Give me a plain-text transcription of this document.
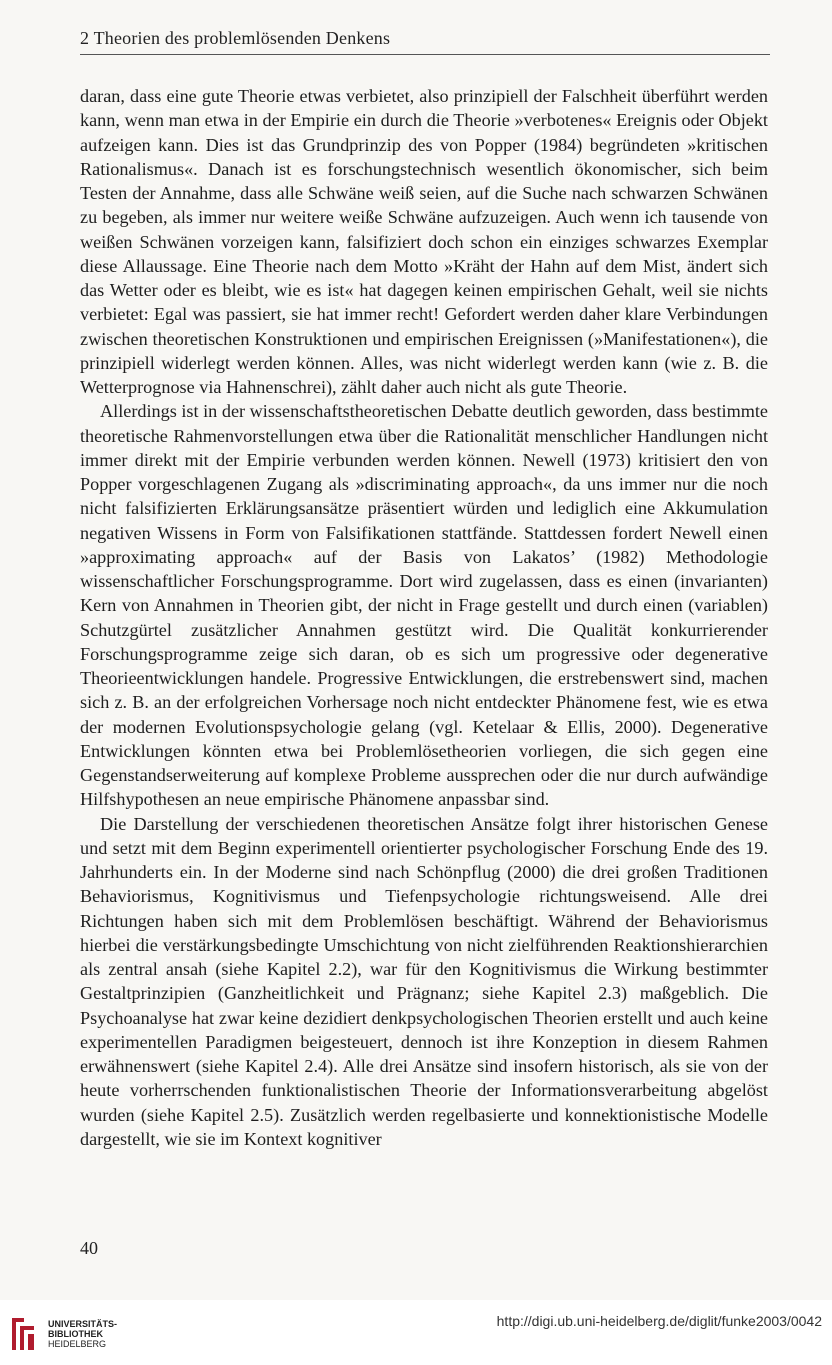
2 Theorien des problemlösenden Denkens

daran, dass eine gute Theorie etwas verbietet, also prinzipiell der Falschheit überführt werden kann, wenn man etwa in der Empirie ein durch die Theorie »verbotenes« Ereignis oder Objekt aufzeigen kann. Dies ist das Grundprinzip des von Popper (1984) begründeten »kritischen Rationalismus«. Danach ist es forschungstechnisch wesentlich ökonomischer, sich beim Testen der Annahme, dass alle Schwäne weiß seien, auf die Suche nach schwarzen Schwänen zu begeben, als immer nur weitere weiße Schwäne aufzuzeigen. Auch wenn ich tausende von weißen Schwänen vorzeigen kann, falsifiziert doch schon ein einziges schwarzes Exemplar diese Allaussage. Eine Theorie nach dem Motto »Kräht der Hahn auf dem Mist, ändert sich das Wetter oder es bleibt, wie es ist« hat dagegen keinen empirischen Gehalt, weil sie nichts verbietet: Egal was passiert, sie hat immer recht! Gefordert werden daher klare Verbindungen zwischen theoretischen Konstruktionen und empirischen Ereignissen (»Manifestationen«), die prinzipiell widerlegt werden können. Alles, was nicht widerlegt werden kann (wie z. B. die Wetterprognose via Hahnenschrei), zählt daher auch nicht als gute Theorie.

Allerdings ist in der wissenschaftstheoretischen Debatte deutlich geworden, dass bestimmte theoretische Rahmenvorstellungen etwa über die Rationalität menschlicher Handlungen nicht immer direkt mit der Empirie verbunden werden können. Newell (1973) kritisiert den von Popper vorgeschlagenen Zugang als »discriminating approach«, da uns immer nur die noch nicht falsifizierten Erklärungsansätze präsentiert würden und lediglich eine Akkumulation negativen Wissens in Form von Falsifikationen stattfände. Stattdessen fordert Newell einen »approximating approach« auf der Basis von Lakatos’ (1982) Methodologie wissenschaftlicher Forschungsprogramme. Dort wird zugelassen, dass es einen (invarianten) Kern von Annahmen in Theorien gibt, der nicht in Frage gestellt und durch einen (variablen) Schutzgürtel zusätzlicher Annahmen gestützt wird. Die Qualität konkurrierender Forschungsprogramme zeige sich daran, ob es sich um progressive oder degenerative Theorieentwicklungen handele. Progressive Entwicklungen, die erstrebenswert sind, machen sich z. B. an der erfolgreichen Vorhersage noch nicht entdeckter Phänomene fest, wie es etwa der modernen Evolutionspsychologie gelang (vgl. Ketelaar & Ellis, 2000). Degenerative Entwicklungen könnten etwa bei Problemlösetheorien vorliegen, die sich gegen eine Gegenstandserweiterung auf komplexe Probleme aussprechen oder die nur durch aufwändige Hilfshypothesen an neue empirische Phänomene anpassbar sind.

Die Darstellung der verschiedenen theoretischen Ansätze folgt ihrer historischen Genese und setzt mit dem Beginn experimentell orientierter psychologischer Forschung Ende des 19. Jahrhunderts ein. In der Moderne sind nach Schönpflug (2000) die drei großen Traditionen Behaviorismus, Kognitivismus und Tiefenpsychologie richtungsweisend. Alle drei Richtungen haben sich mit dem Problemlösen beschäftigt. Während der Behaviorismus hierbei die verstärkungsbedingte Umschichtung von nicht zielführenden Reaktionshierarchien als zentral ansah (siehe Kapitel 2.2), war für den Kognitivismus die Wirkung bestimmter Gestaltprinzipien (Ganzheitlichkeit und Prägnanz; siehe Kapitel 2.3) maßgeblich. Die Psychoanalyse hat zwar keine dezidiert denkpsychologischen Theorien erstellt und auch keine experimentellen Paradigmen beigesteuert, dennoch ist ihre Konzeption in diesem Rahmen erwähnenswert (siehe Kapitel 2.4). Alle drei Ansätze sind insofern historisch, als sie von der heute vorherrschenden funktionalistischen Theorie der Informationsverarbeitung abgelöst wurden (siehe Kapitel 2.5). Zusätzlich werden regelbasierte und konnektionistische Modelle dargestellt, wie sie im Kontext kognitiver

40
UNIVERSITÄTS-
BIBLIOTHEK
HEIDELBERG
http://digi.ub.uni-heidelberg.de/diglit/funke2003/0042
